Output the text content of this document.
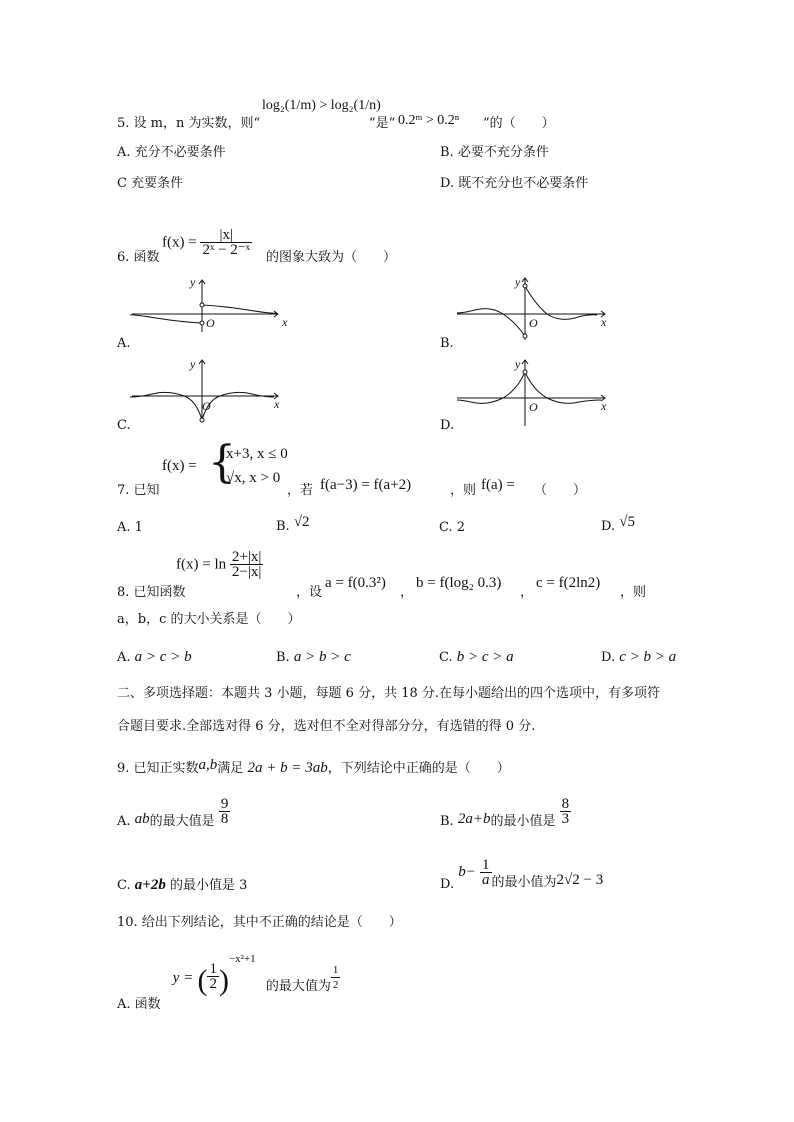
5. 设 m，n 为实数，则“
log₂(1/m) > log₂(1/n)
”是“ 0.2ᵐ > 0.2ⁿ ”的（　　）
A. 充分不必要条件	B. 必要不充分条件
C 充要条件	D. 既不充分也不必要条件
6. 函数
$f(x) = \frac{|x|}{\text{2ˣ − 2⁻ˣ}}$
的图象大致为（　　）
x
y
O
A.
x
y
O
B.
x
y
O
C.
x
y
O
D.
7. 已知
f(x) = {
x+3, x ≤ 0
√x, x > 0
，若 f(a−3) = f(a+2)	，则 f(a) = （　　）
A. 1	B. √2	C. 2	D. √5
8. 已知函数
$f(x) = \ln \frac{2+|x|}{2-|x|}$
，设
a = f(0.3²)
，
b = f(log₂ 0.3)
，
c = f(2ln2)
，则
a，b，c 的大小关系是（　　）
A. a > c > b	B. a > b > c	C. b > c > a	D. c > b > a
二、多项选择题：本题共 3 小题，每题 6 分，共 18 分.在每小题给出的四个选项中，有多项符
合题目要求.全部选对得 6 分，选对但不全对得部分分，有选错的得 0 分.
9. 已知正实数a,b满足 2a + b = 3ab，下列结论中正确的是（　　）
A. ab的最大值是 $\frac{9}{8}$	B. 2a+b的最小值是 $\frac{8}{3}$
C. a+2b 的最小值是 3	D. $b- \frac{1}{a}$ 的最小值为2√2 − 3
10. 给出下列结论，其中不正确的结论是（　　）
A. 函数 y = ( $\frac{1}{2} )^{-x^2+1}$ 的最大值为 $\frac{1}{2}$
